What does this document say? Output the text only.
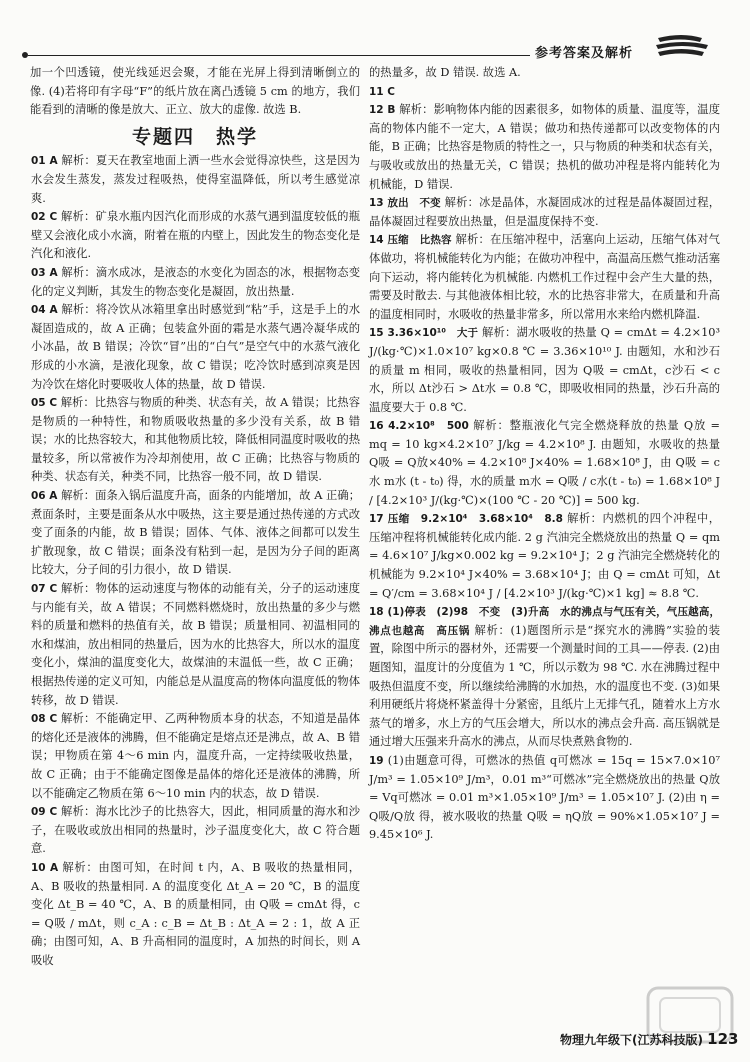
参考答案及解析

加一个凹透镜，使光线延迟会聚，才能在光屏上得到清晰倒立的像. (4)若将印有字母“F”的纸片放在离凸透镜 5 cm 的地方，我们能看到的清晰的像是放大、正立、放大的虚像. 故选 B.

专题四　热学

01 A 解析：夏天在教室地面上洒一些水会觉得凉快些，这是因为水会发生蒸发，蒸发过程吸热，使得室温降低，所以考生感觉凉爽.

02 C 解析：矿泉水瓶内因汽化而形成的水蒸气遇到温度较低的瓶壁又会液化成小水滴，附着在瓶的内壁上，因此发生的物态变化是汽化和液化.

03 A 解析：滴水成冰，是液态的水变化为固态的冰，根据物态变化的定义判断，其发生的物态变化是凝固，放出热量.

04 A 解析：将冷饮从冰箱里拿出时感觉到“粘”手，这是手上的水凝固造成的，故 A 正确；包装盒外面的霜是水蒸气遇冷凝华成的小冰晶，故 B 错误；冷饮“冒”出的“白气”是空气中的水蒸气液化形成的小水滴，是液化现象，故 C 错误；吃冷饮时感到凉爽是因为冷饮在熔化时要吸收人体的热量，故 D 错误.

05 C 解析：比热容与物质的种类、状态有关，故 A 错误；比热容是物质的一种特性，和物质吸收热量的多少没有关系，故 B 错误；水的比热容较大，和其他物质比较，降低相同温度时吸收的热量较多，所以常被作为冷却剂使用，故 C 正确；比热容与物质的种类、状态有关，种类不同，比热容一般不同，故 D 错误.

06 A 解析：面条入锅后温度升高，面条的内能增加，故 A 正确；煮面条时，主要是面条从水中吸热，这主要是通过热传递的方式改变了面条的内能，故 B 错误；固体、气体、液体之间都可以发生扩散现象，故 C 错误；面条没有粘到一起，是因为分子间的距离比较大，分子间的引力很小，故 D 错误.

07 C 解析：物体的运动速度与物体的动能有关，分子的运动速度与内能有关，故 A 错误；不同燃料燃烧时，放出热量的多少与燃料的质量和燃料的热值有关，故 B 错误；质量相同、初温相同的水和煤油，放出相同的热量后，因为水的比热容大，所以水的温度变化小，煤油的温度变化大，故煤油的末温低一些，故 C 正确；根据热传递的定义可知，内能总是从温度高的物体向温度低的物体转移，故 D 错误.

08 C 解析：不能确定甲、乙两种物质本身的状态，不知道是晶体的熔化还是液体的沸腾，但不能确定是熔点还是沸点，故 A、B 错误；甲物质在第 4～6 min 内，温度升高，一定持续吸收热量，故 C 正确；由于不能确定图像是晶体的熔化还是液体的沸腾，所以不能确定乙物质在第 6～10 min 内的状态，故 D 错误.

09 C 解析：海水比沙子的比热容大，因此，相同质量的海水和沙子，在吸收或放出相同的热量时，沙子温度变化大，故 C 符合题意.

10 A 解析：由图可知，在时间 t 内，A、B 吸收的热量相同，A、B 吸收的热量相同. A 的温度变化 Δt_A = 20 ℃，B 的温度变化 Δt_B = 40 ℃，A、B 的质量相同，由 Q吸 = cmΔt 得，c = Q吸 / mΔt，则 c_A : c_B = Δt_B : Δt_A = 2 : 1，故 A 正确；由图可知，A、B 升高相同的温度时，A 加热的时间长，则 A 吸收

的热量多，故 D 错误. 故选 A.

11 C

12 B 解析：影响物体内能的因素很多，如物体的质量、温度等，温度高的物体内能不一定大，A 错误；做功和热传递都可以改变物体的内能，B 正确；比热容是物质的特性之一，只与物质的种类和状态有关，与吸收或放出的热量无关，C 错误；热机的做功冲程是将内能转化为机械能，D 错误.

13 放出　不变 解析：冰是晶体，水凝固成冰的过程是晶体凝固过程，晶体凝固过程要放出热量，但是温度保持不变.

14 压缩　比热容 解析：在压缩冲程中，活塞向上运动，压缩气体对气体做功，将机械能转化为内能；在做功冲程中，高温高压燃气推动活塞向下运动，将内能转化为机械能. 内燃机工作过程中会产生大量的热，需要及时散去. 与其他液体相比较，水的比热容非常大，在质量和升高的温度相同时，水吸收的热量非常多，所以常用水来给内燃机降温.

15 3.36×10¹⁰　大于 解析：湖水吸收的热量 Q = cmΔt = 4.2×10³ J/(kg·℃)×1.0×10⁷ kg×0.8 ℃ = 3.36×10¹⁰ J. 由题知，水和沙石的质量 m 相同，吸收的热量相同，因为 Q吸 = cmΔt，c沙石 < c水，所以 Δt沙石 > Δt水 = 0.8 ℃，即吸收相同的热量，沙石升高的温度要大于 0.8 ℃.

16 4.2×10⁸　500 解析：整瓶液化气完全燃烧释放的热量 Q放 = mq = 10 kg×4.2×10⁷ J/kg = 4.2×10⁸ J. 由题知，水吸收的热量 Q吸 = Q放×40% = 4.2×10⁸ J×40% = 1.68×10⁸ J，由 Q吸 = c水 m水 (t - t₀) 得，水的质量 m水 = Q吸 / c水(t - t₀) = 1.68×10⁸ J / [4.2×10³ J/(kg·℃)×(100 ℃ - 20 ℃)] = 500 kg.

17 压缩　9.2×10⁴　3.68×10⁴　8.8 解析：内燃机的四个冲程中，压缩冲程将机械能转化成内能. 2 g 汽油完全燃烧放出的热量 Q = qm = 4.6×10⁷ J/kg×0.002 kg = 9.2×10⁴ J；2 g 汽油完全燃烧转化的机械能为 9.2×10⁴ J×40% = 3.68×10⁴ J；由 Q = cmΔt 可知，Δt = Q′/cm = 3.68×10⁴ J / [4.2×10³ J/(kg·℃)×1 kg] ≈ 8.8 ℃.

18 (1)停表　(2)98　不变　(3)升高　水的沸点与气压有关，气压越高，沸点也越高　高压锅 解析：(1)题图所示是“探究水的沸腾”实验的装置，除图中所示的器材外，还需要一个测量时间的工具——停表. (2)由题图知，温度计的分度值为 1 ℃，所以示数为 98 ℃. 水在沸腾过程中吸热但温度不变，所以继续给沸腾的水加热，水的温度也不变. (3)如果利用硬纸片将烧杯紧盖得十分紧密，且纸片上无排气孔，随着水上方水蒸气的增多，水上方的气压会增大，所以水的沸点会升高. 高压锅就是通过增大压强来升高水的沸点，从而尽快煮熟食物的.

19 (1)由题意可得，可燃冰的热值 q可燃冰 = 15q = 15×7.0×10⁷ J/m³ = 1.05×10⁹ J/m³，0.01 m³“可燃冰”完全燃烧放出的热量 Q放 = Vq可燃冰 = 0.01 m³×1.05×10⁹ J/m³ = 1.05×10⁷ J. (2)由 η = Q吸/Q放 得，被水吸收的热量 Q吸 = ηQ放 = 90%×1.05×10⁷ J = 9.45×10⁶ J.

物理九年级下(江苏科技版) 123
